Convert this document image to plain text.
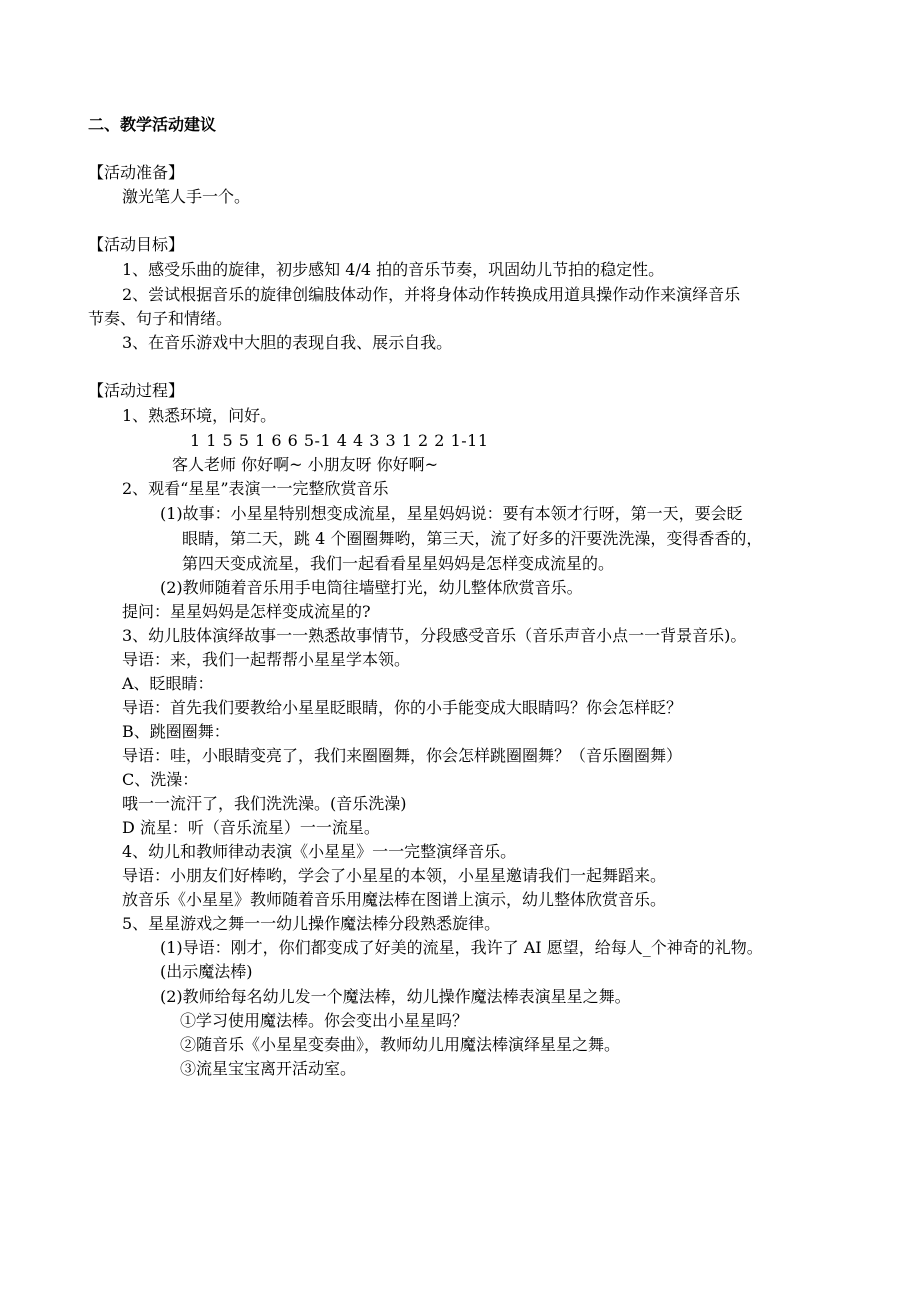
二、教学活动建议
【活动准备】
激光笔人手一个。
【活动目标】
1、感受乐曲的旋律，初步感知 4/4 拍的音乐节奏，巩固幼儿节拍的稳定性。
2、尝试根据音乐的旋律创编肢体动作，并将身体动作转换成用道具操作动作来演绎音乐
节奏、句子和情绪。
3、在音乐游戏中大胆的表现自我、展示自我。
【活动过程】
1、熟悉环境，问好。
1 1 5 5 1 6 6 5-1 4 4 3 3 1 2 2 1-11
客人老师 你好啊~ 小朋友呀 你好啊~
2、观看“星星”表演一一完整欣赏音乐
(1)故事：小星星特别想变成流星，星星妈妈说：要有本领才行呀，第一天，要会眨
眼睛，第二天，跳 4 个圈圈舞哟，第三天，流了好多的汗要洗洗澡，变得香香的，
第四天变成流星，我们一起看看星星妈妈是怎样变成流星的。
(2)教师随着音乐用手电筒往墙壁打光，幼儿整体欣赏音乐。
提问：星星妈妈是怎样变成流星的?
3、幼儿肢体演绎故事一一熟悉故事情节，分段感受音乐（音乐声音小点一一背景音乐)。
导语：来，我们一起帮帮小星星学本领。
A、眨眼睛：
导语：首先我们要教给小星星眨眼睛，你的小手能变成大眼睛吗？你会怎样眨？
B、跳圈圈舞：
导语：哇，小眼睛变亮了，我们来圈圈舞，你会怎样跳圈圈舞？（音乐圈圈舞）
C、洗澡：
哦一一流汗了，我们洗洗澡。(音乐洗澡)
D 流星：听（音乐流星）一一流星。
4、幼儿和教师律动表演《小星星》一一完整演绎音乐。
导语：小朋友们好棒哟，学会了小星星的本领，小星星邀请我们一起舞蹈来。
放音乐《小星星》教师随着音乐用魔法棒在图谱上演示，幼儿整体欣赏音乐。
5、星星游戏之舞一一幼儿操作魔法棒分段熟悉旋律。
(1)导语：刚才，你们都变成了好美的流星，我许了 AI 愿望，给每人_个神奇的礼物。
(出示魔法棒)
(2)教师给每名幼儿发一个魔法棒，幼儿操作魔法棒表演星星之舞。
①学习使用魔法棒。你会变出小星星吗？
②随音乐《小星星变奏曲》，教师幼儿用魔法棒演绎星星之舞。
③流星宝宝离开活动室。
